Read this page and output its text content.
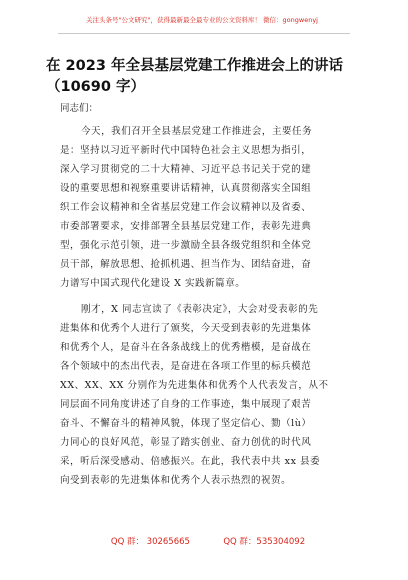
关注头条号"公文研究"，获得最新最全最专业的公文资料库！ 微信：gongwenyj
在 2023 年全县基层党建工作推进会上的讲话
（10690 字）
同志们：
今天，我们召开全县基层党建工作推进会，主要任务
是：坚持以习近平新时代中国特色社会主义思想为指引，
深入学习贯彻党的二十大精神、习近平总书记关于党的建
设的重要思想和视察重要讲话精神，认真贯彻落实全国组
织工作会议精神和全省基层党建工作会议精神以及省委、
市委部署要求，安排部署全县基层党建工作，表彰先进典
型，强化示范引领，进一步激励全县各级党组织和全体党
员干部，解放思想、抢抓机遇、担当作为、团结奋进，奋
力谱写中国式现代化建设 X 实践新篇章。
刚才，X 同志宣读了《表彰决定》，大会对受表彰的先
进集体和优秀个人进行了颁奖，今天受到表彰的先进集体
和优秀个人，是奋斗在各条战线上的优秀楷模，是奋战在
各个领域中的杰出代表，是奋进在各项工作里的标兵模范
XX、XX、XX 分别作为先进集体和优秀个人代表发言，从不
同层面不同角度讲述了自身的工作事迹，集中展现了艰苦
奋斗、不懈奋斗的精神风貌，体现了坚定信心、勠（lù）
力同心的良好风范，彰显了踏实创业、奋力创优的时代风
采，听后深受感动、倍感振兴。在此，我代表中共 xx 县委
向受到表彰的先进集体和优秀个人表示热烈的祝贺。
QQ 群： 30265665	QQ 群：535304092
